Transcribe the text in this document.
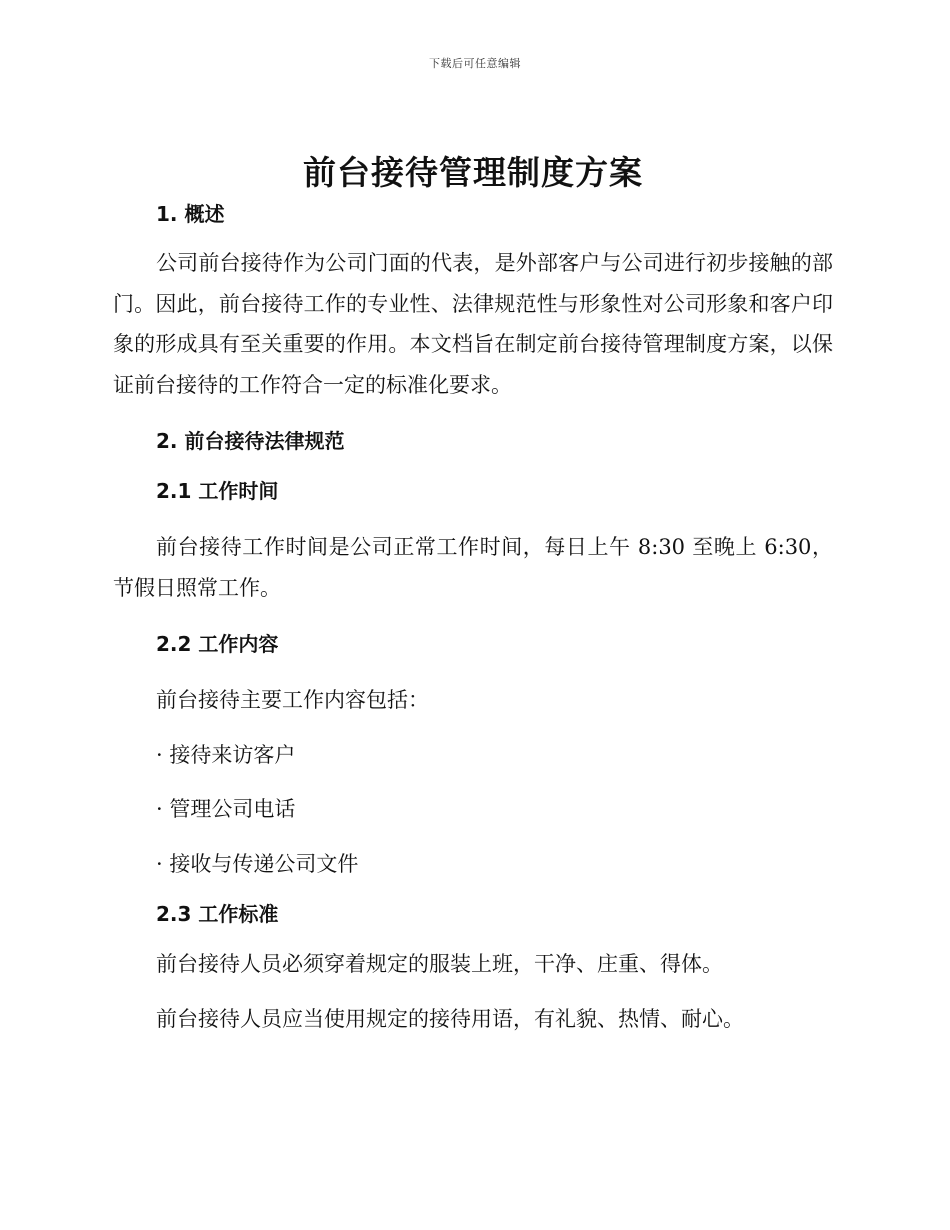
下载后可任意编辑
前台接待管理制度方案
1. 概述

公司前台接待作为公司门面的代表，是外部客户与公司进行初步接触的部门。因此，前台接待工作的专业性、法律规范性与形象性对公司形象和客户印象的形成具有至关重要的作用。本文档旨在制定前台接待管理制度方案，以保证前台接待的工作符合一定的标准化要求。

2. 前台接待法律规范
2.1 工作时间

前台接待工作时间是公司正常工作时间，每日上午 8:30 至晚上 6:30，节假日照常工作。

2.2 工作内容

前台接待主要工作内容包括：

· 接待来访客户

· 管理公司电话

· 接收与传递公司文件

2.3 工作标准

前台接待人员必须穿着规定的服装上班，干净、庄重、得体。

前台接待人员应当使用规定的接待用语，有礼貌、热情、耐心。
